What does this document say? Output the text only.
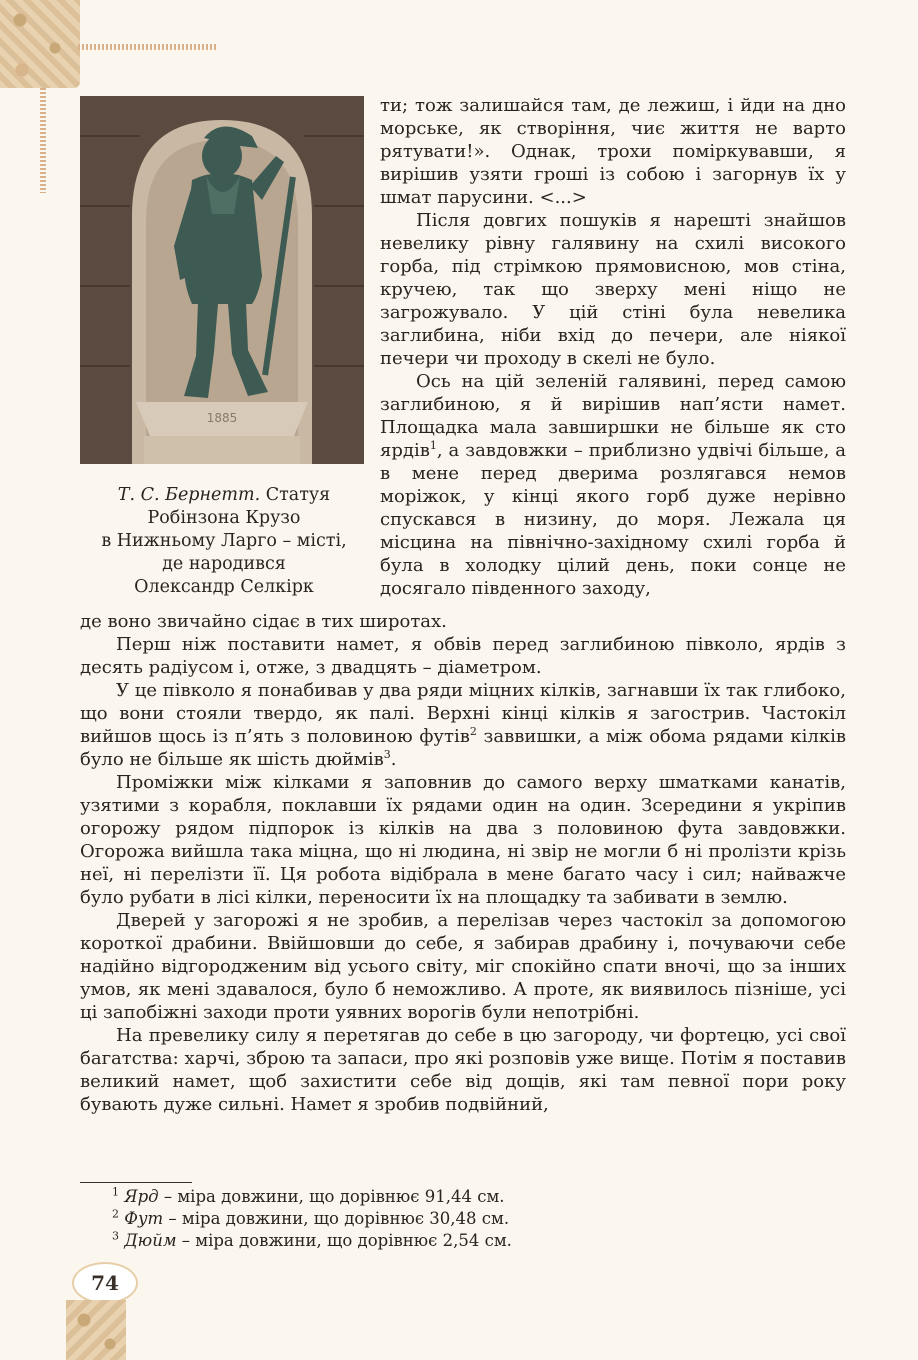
1885
Т. С. Бернетт. Статуя
Робінзона Крузо
в Нижньому Ларго – місті,
де народився
Олександр Селкірк

ти; тож залишайся там, де лежиш, і йди на дно морське, як створіння, чиє життя не варто рятувати!». Однак, трохи поміркувавши, я вирішив узяти гроші із собою і загорнув їх у шмат парусини. <...>

Після довгих пошуків я нарешті знайшов невелику рівну галявину на схилі високого горба, під стрімкою прямовисною, мов стіна, кручею, так що зверху мені ніщо не загрожувало. У цій стіні була невелика заглибина, ніби вхід до печери, але ніякої печери чи проходу в скелі не було.

Ось на цій зеленій галявині, перед самою заглибиною, я й вирішив нап’ясти намет. Площадка мала завширшки не більше як сто ярдів$^1$, а завдовжки – приблизно удвічі більше, а в мене перед дверима розлягався немов моріжок, у кінці якого горб дуже нерівно спускався в низину, до моря. Лежала ця місцина на північно-західному схилі горба й була в холодку цілий день, поки сонце не досягало південного заходу,

де воно звичайно сідає в тих широтах.

Перш ніж поставити намет, я обвів перед заглибиною півколо, ярдів з десять радіусом і, отже, з двадцять – діаметром.

У це півколо я понабивав у два ряди міцних кілків, загнавши їх так глибоко, що вони стояли твердо, як палі. Верхні кінці кілків я загострив. Частокіл вийшов щось із п’ять з половиною футів$^2$ заввишки, а між обома рядами кілків було не більше як шість дюймів$^3$.

Проміжки між кілками я заповнив до самого верху шматками канатів, узятими з корабля, поклавши їх рядами один на один. Зсередини я укріпив огорожу рядом підпорок із кілків на два з половиною фута завдовжки. Огорожа вийшла така міцна, що ні людина, ні звір не могли б ні пролізти крізь неї, ні перелізти її. Ця робота відібрала в мене багато часу і сил; найважче було рубати в лісі кілки, переносити їх на площадку та забивати в землю.

Дверей у загорожі я не зробив, а перелізав через частокіл за допомогою короткої драбини. Ввійшовши до себе, я забирав драбину і, почуваючи себе надійно відгородженим від усього світу, міг спокійно спати вночі, що за інших умов, як мені здавалося, було б неможливо. А проте, як виявилось пізніше, усі ці запобіжні заходи проти уявних ворогів були непотрібні.

На превелику силу я перетягав до себе в цю загороду, чи фортецю, усі свої багатства: харчі, зброю та запаси, про які розповів уже вище. Потім я поставив великий намет, щоб захистити себе від дощів, які там певної пори року бувають дуже сильні. Намет я зробив подвійний,

$^1$ Ярд – міра довжини, що дорівнює 91,44 см.
$^2$ Фут – міра довжини, що дорівнює 30,48 см.
$^3$ Дюйм – міра довжини, що дорівнює 2,54 см.
74
